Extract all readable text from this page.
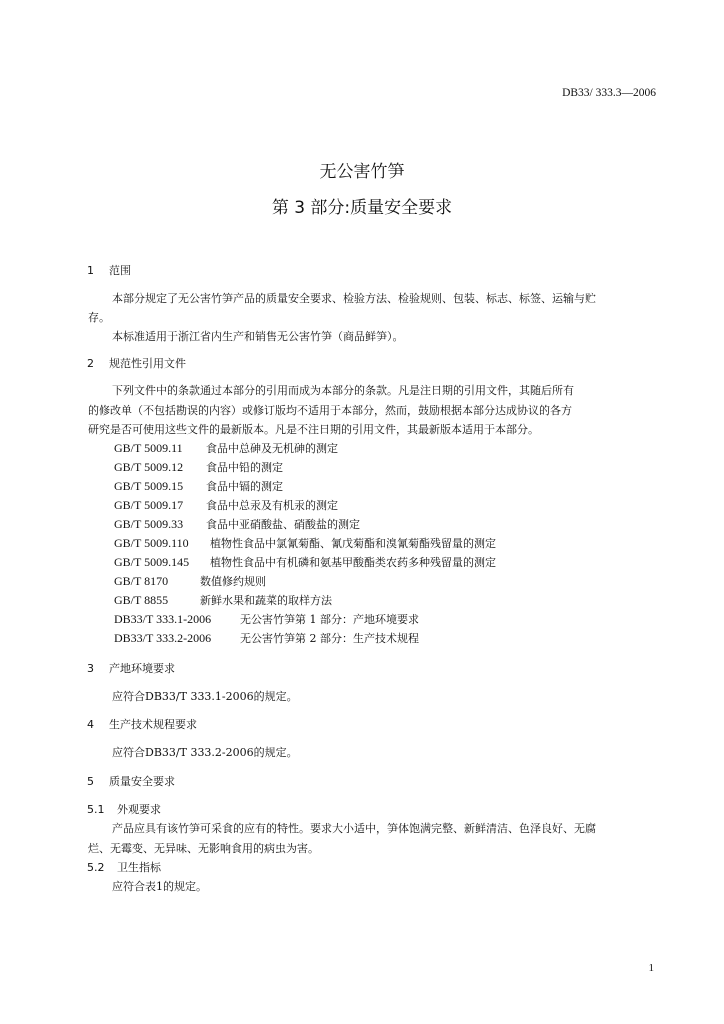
DB33/ 333.3—2006
无公害竹笋
第 3 部分:质量安全要求
1 范围
本部分规定了无公害竹笋产品的质量安全要求、检验方法、检验规则、包装、标志、标签、运输与贮
存。
本标准适用于浙江省内生产和销售无公害竹笋（商品鲜笋）。
2 规范性引用文件
下列文件中的条款通过本部分的引用而成为本部分的条款。凡是注日期的引用文件，其随后所有
的修改单（不包括勘误的内容）或修订版均不适用于本部分，然而，鼓励根据本部分达成协议的各方
研究是否可使用这些文件的最新版本。凡是不注日期的引用文件，其最新版本适用于本部分。
GB/T 5009.11 食品中总砷及无机砷的测定
GB/T 5009.12 食品中铅的测定
GB/T 5009.15 食品中镉的测定
GB/T 5009.17 食品中总汞及有机汞的测定
GB/T 5009.33 食品中亚硝酸盐、硝酸盐的测定
GB/T 5009.110 植物性食品中氯氰菊酯、氰戊菊酯和溴氰菊酯残留量的测定
GB/T 5009.145 植物性食品中有机磷和氨基甲酸酯类农药多种残留量的测定
GB/T 8170	数值修约规则
GB/T 8855	新鲜水果和蔬菜的取样方法
DB33/T 333.1-2006	无公害竹笋第 1 部分：产地环境要求
DB33/T 333.2-2006	无公害竹笋第 2 部分：生产技术规程
3 产地环境要求
应符合DB33/T 333.1-2006的规定。
4 生产技术规程要求
应符合DB33/T 333.2-2006的规定。
5 质量安全要求
5.1 外观要求
产品应具有该竹笋可采食的应有的特性。要求大小适中，笋体饱满完整、新鲜清洁、色泽良好、无腐
烂、无霉变、无异味、无影响食用的病虫为害。
5.2 卫生指标
应符合表1的规定。
1
